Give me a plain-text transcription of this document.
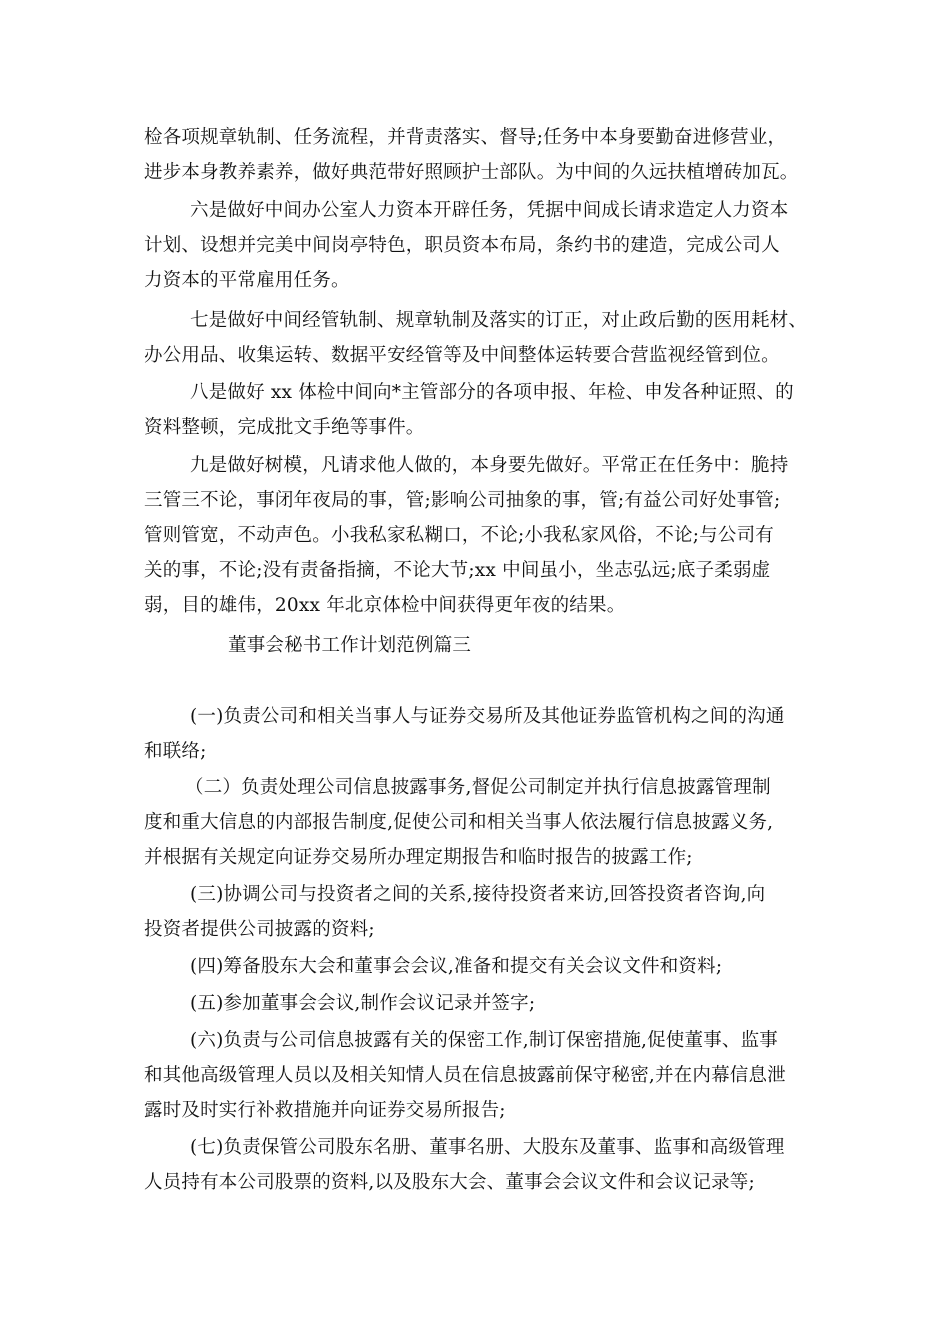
检各项规章轨制、任务流程，并背责落实、督导;任务中本身要勤奋进修营业，
进步本身教养素养，做好典范带好照顾护士部队。为中间的久远扶植增砖加瓦。
六是做好中间办公室人力资本开辟任务，凭据中间成长请求造定人力资本
计划、设想并完美中间岗亭特色，职员资本布局，条约书的建造，完成公司人
力资本的平常雇用任务。
七是做好中间经管轨制、规章轨制及落实的订正，对止政后勤的医用耗材、
办公用品、收集运转、数据平安经管等及中间整体运转要合营监视经管到位。
八是做好 xx 体检中间向*主管部分的各项申报、年检、申发各种证照、的
资料整顿，完成批文手绝等事件。
九是做好树模，凡请求他人做的，本身要先做好。平常正在任务中：脆持
三管三不论，事闭年夜局的事，管;影响公司抽象的事，管;有益公司好处事管;
管则管宽，不动声色。小我私家私糊口，不论;小我私家风俗，不论;与公司有
关的事，不论;没有责备指摘，不论大节;xx 中间虽小，坐志弘远;底子柔弱虚
弱，目的雄伟，20xx 年北京体检中间获得更年夜的结果。
董事会秘书工作计划范例篇三
(一)负责公司和相关当事人与证券交易所及其他证券监管机构之间的沟通
和联络;
（二）负责处理公司信息披露事务,督促公司制定并执行信息披露管理制
度和重大信息的内部报告制度,促使公司和相关当事人依法履行信息披露义务,
并根据有关规定向证券交易所办理定期报告和临时报告的披露工作;
(三)协调公司与投资者之间的关系,接待投资者来访,回答投资者咨询,向
投资者提供公司披露的资料;
(四)筹备股东大会和董事会会议,准备和提交有关会议文件和资料;
(五)参加董事会会议,制作会议记录并签字;
(六)负责与公司信息披露有关的保密工作,制订保密措施,促使董事、监事
和其他高级管理人员以及相关知情人员在信息披露前保守秘密,并在内幕信息泄
露时及时实行补救措施并向证券交易所报告;
(七)负责保管公司股东名册、董事名册、大股东及董事、监事和高级管理
人员持有本公司股票的资料,以及股东大会、董事会会议文件和会议记录等;
